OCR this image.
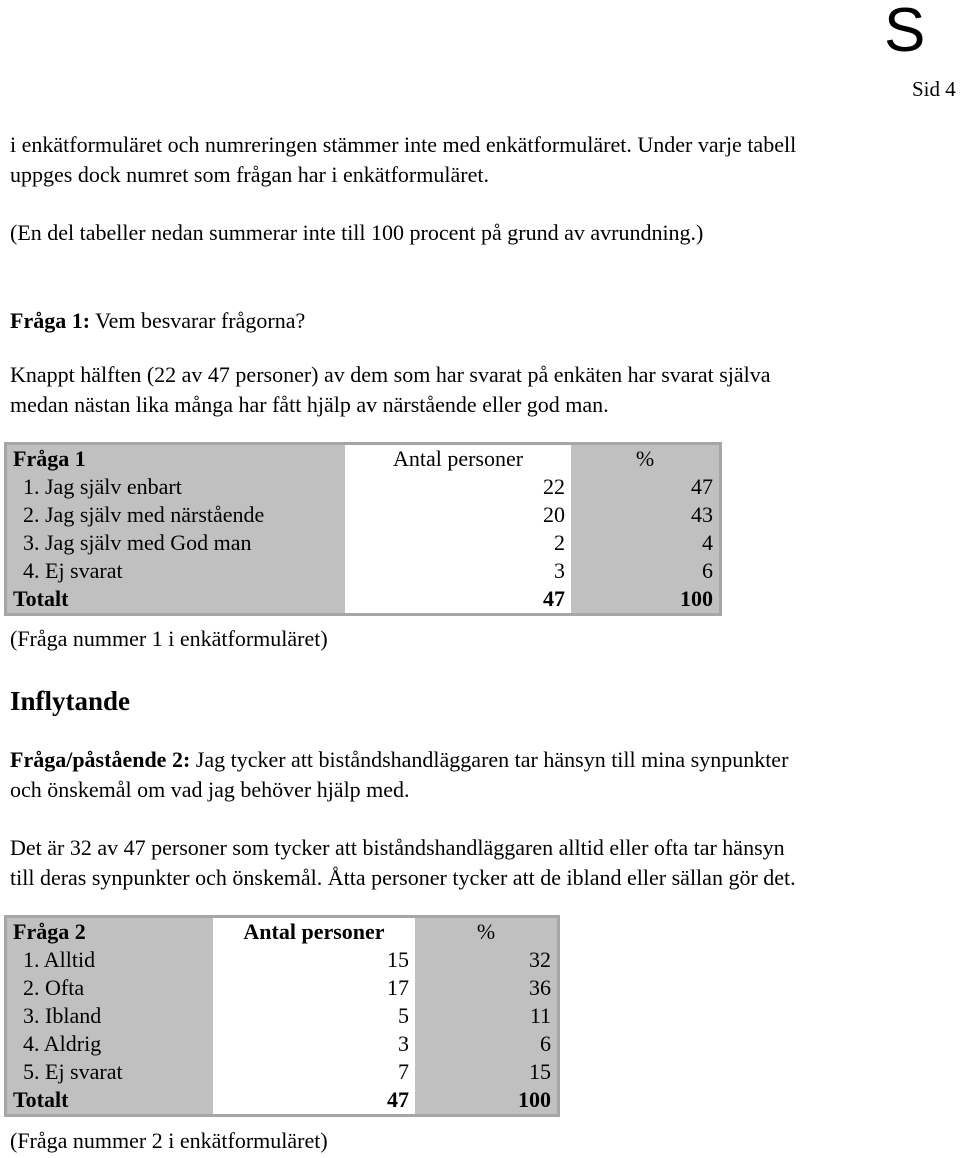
S
Sid 4

i enkätformuläret och numreringen stämmer inte med enkätformuläret. Under varje tabell

uppges dock numret som frågan har i enkätformuläret.

(En del tabeller nedan summerar inte till 100 procent på grund av avrundning.)

Fråga 1: Vem besvarar frågorna?

Knappt hälften (22 av 47 personer) av dem som har svarat på enkäten har svarat själva

medan nästan lika många har fått hjälp av närstående eller god man.

Fråga 1	Antal personer	%
1. Jag själv enbart	22	47
2. Jag själv med närstående	20	43
3. Jag själv med God man	2	4
4. Ej svarat	3	6
Totalt	47	100

(Fråga nummer 1 i enkätformuläret)

Inflytande

Fråga/påstående 2: Jag tycker att biståndshandläggaren tar hänsyn till mina synpunkter

och önskemål om vad jag behöver hjälp med.

Det är 32 av 47 personer som tycker att biståndshandläggaren alltid eller ofta tar hänsyn

till deras synpunkter och önskemål. Åtta personer tycker att de ibland eller sällan gör det.

Fråga 2	Antal personer	%
1. Alltid	15	32
2. Ofta	17	36
3. Ibland	5	11
4. Aldrig	3	6
5. Ej svarat	7	15
Totalt	47	100

(Fråga nummer 2 i enkätformuläret)
